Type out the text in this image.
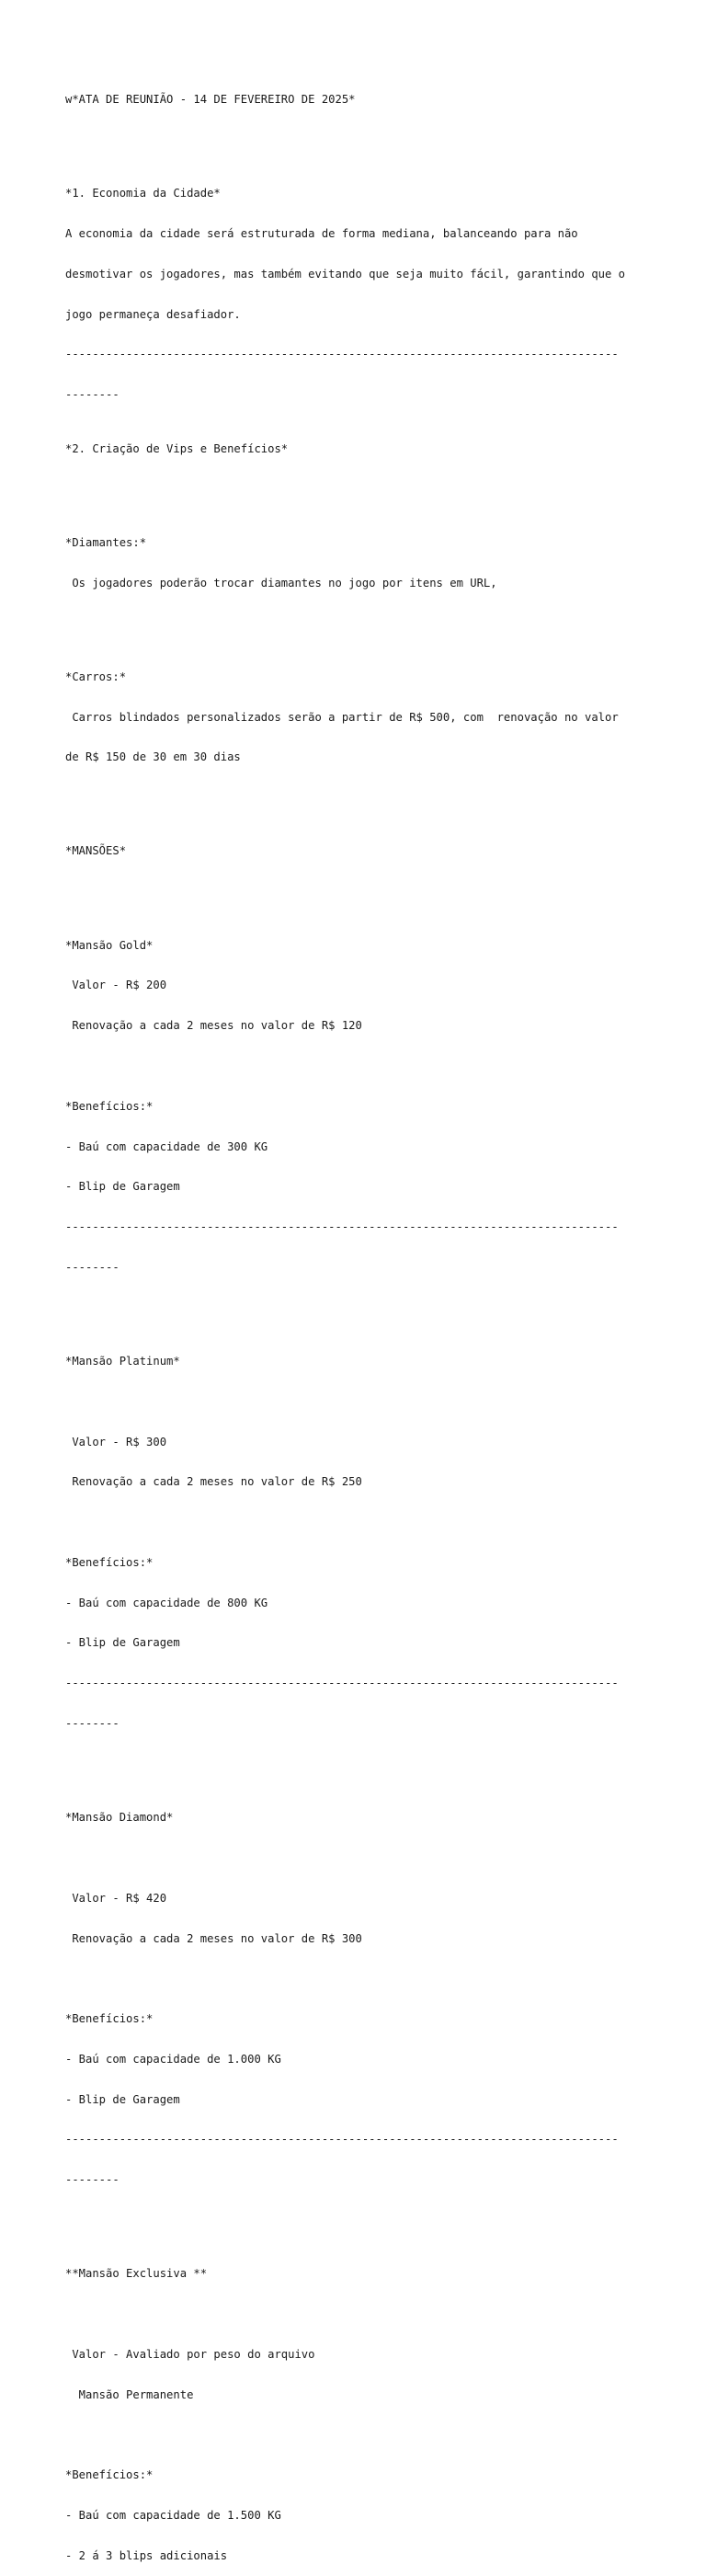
w*ATA DE REUNIÃO - 14 DE FEVEREIRO DE 2025*

*1. Economia da Cidade*

A economia da cidade será estruturada de forma mediana, balanceando para não

desmotivar os jogadores, mas também evitando que seja muito fácil, garantindo que o

jogo permaneça desafiador.

----------------------------------------------------------------------------------

--------

*2. Criação de Vips e Benefícios*

*Diamantes:*

Os jogadores poderão trocar diamantes no jogo por itens em URL,

*Carros:*

Carros blindados personalizados serão a partir de R$ 500, com  renovação no valor

de R$ 150 de 30 em 30 dias

*MANSÕES*

*Mansão Gold*

Valor - R$ 200

Renovação a cada 2 meses no valor de R$ 120

*Benefícios:*

- Baú com capacidade de 300 KG

- Blip de Garagem

----------------------------------------------------------------------------------

--------

*Mansão Platinum*

Valor - R$ 300

Renovação a cada 2 meses no valor de R$ 250

*Benefícios:*

- Baú com capacidade de 800 KG

- Blip de Garagem

----------------------------------------------------------------------------------

--------

*Mansão Diamond*

Valor - R$ 420

Renovação a cada 2 meses no valor de R$ 300

*Benefícios:*

- Baú com capacidade de 1.000 KG

- Blip de Garagem

----------------------------------------------------------------------------------

--------

**Mansão Exclusiva **

Valor - Avaliado por peso do arquivo

Mansão Permanente

*Benefícios:*

- Baú com capacidade de 1.500 KG

- 2 á 3 blips adicionais
